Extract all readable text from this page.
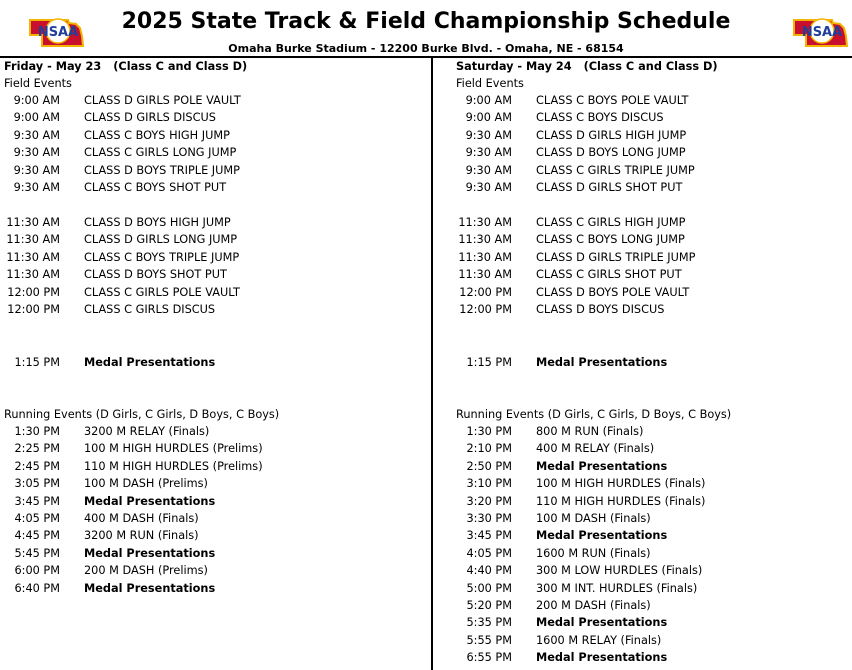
NSAA	NSAA
2025 State Track & Field Championship Schedule
Omaha Burke Stadium - 12200 Burke Blvd. - Omaha, NE - 68154
Friday - May 23 (Class C and Class D)
Field Events
9:00 AM CLASS D GIRLS POLE VAULT
9:00 AM CLASS D GIRLS DISCUS
9:30 AM CLASS C BOYS HIGH JUMP
9:30 AM CLASS C GIRLS LONG JUMP
9:30 AM CLASS D BOYS TRIPLE JUMP
9:30 AM CLASS C BOYS SHOT PUT
11:30 AM CLASS D BOYS HIGH JUMP
11:30 AM CLASS D GIRLS LONG JUMP
11:30 AM CLASS C BOYS TRIPLE JUMP
11:30 AM CLASS D BOYS SHOT PUT
12:00 PM CLASS C GIRLS POLE VAULT
12:00 PM CLASS C GIRLS DISCUS
1:15 PM Medal Presentations
Running Events (D Girls, C Girls, D Boys, C Boys)
1:30 PM 3200 M RELAY (Finals)
2:25 PM 100 M HIGH HURDLES (Prelims)
2:45 PM 110 M HIGH HURDLES (Prelims)
3:05 PM 100 M DASH (Prelims)
3:45 PM Medal Presentations
4:05 PM 400 M DASH (Finals)
4:45 PM 3200 M RUN (Finals)
5:45 PM Medal Presentations
6:00 PM 200 M DASH (Prelims)
6:40 PM Medal Presentations
Saturday - May 24 (Class C and Class D)
Field Events
9:00 AM CLASS C BOYS POLE VAULT
9:00 AM CLASS C BOYS DISCUS
9:30 AM CLASS D GIRLS HIGH JUMP
9:30 AM CLASS D BOYS LONG JUMP
9:30 AM CLASS C GIRLS TRIPLE JUMP
9:30 AM CLASS D GIRLS SHOT PUT
11:30 AM CLASS C GIRLS HIGH JUMP
11:30 AM CLASS C BOYS LONG JUMP
11:30 AM CLASS D GIRLS TRIPLE JUMP
11:30 AM CLASS C GIRLS SHOT PUT
12:00 PM CLASS D BOYS POLE VAULT
12:00 PM CLASS D BOYS DISCUS
1:15 PM Medal Presentations
Running Events (D Girls, C Girls, D Boys, C Boys)
1:30 PM 800 M RUN (Finals)
2:10 PM 400 M RELAY (Finals)
2:50 PM Medal Presentations
3:10 PM 100 M HIGH HURDLES (Finals)
3:20 PM 110 M HIGH HURDLES (Finals)
3:30 PM 100 M DASH (Finals)
3:45 PM Medal Presentations
4:05 PM 1600 M RUN (Finals)
4:40 PM 300 M LOW HURDLES (Finals)
5:00 PM 300 M INT. HURDLES (Finals)
5:20 PM 200 M DASH (Finals)
5:35 PM Medal Presentations
5:55 PM 1600 M RELAY (Finals)
6:55 PM Medal Presentations
